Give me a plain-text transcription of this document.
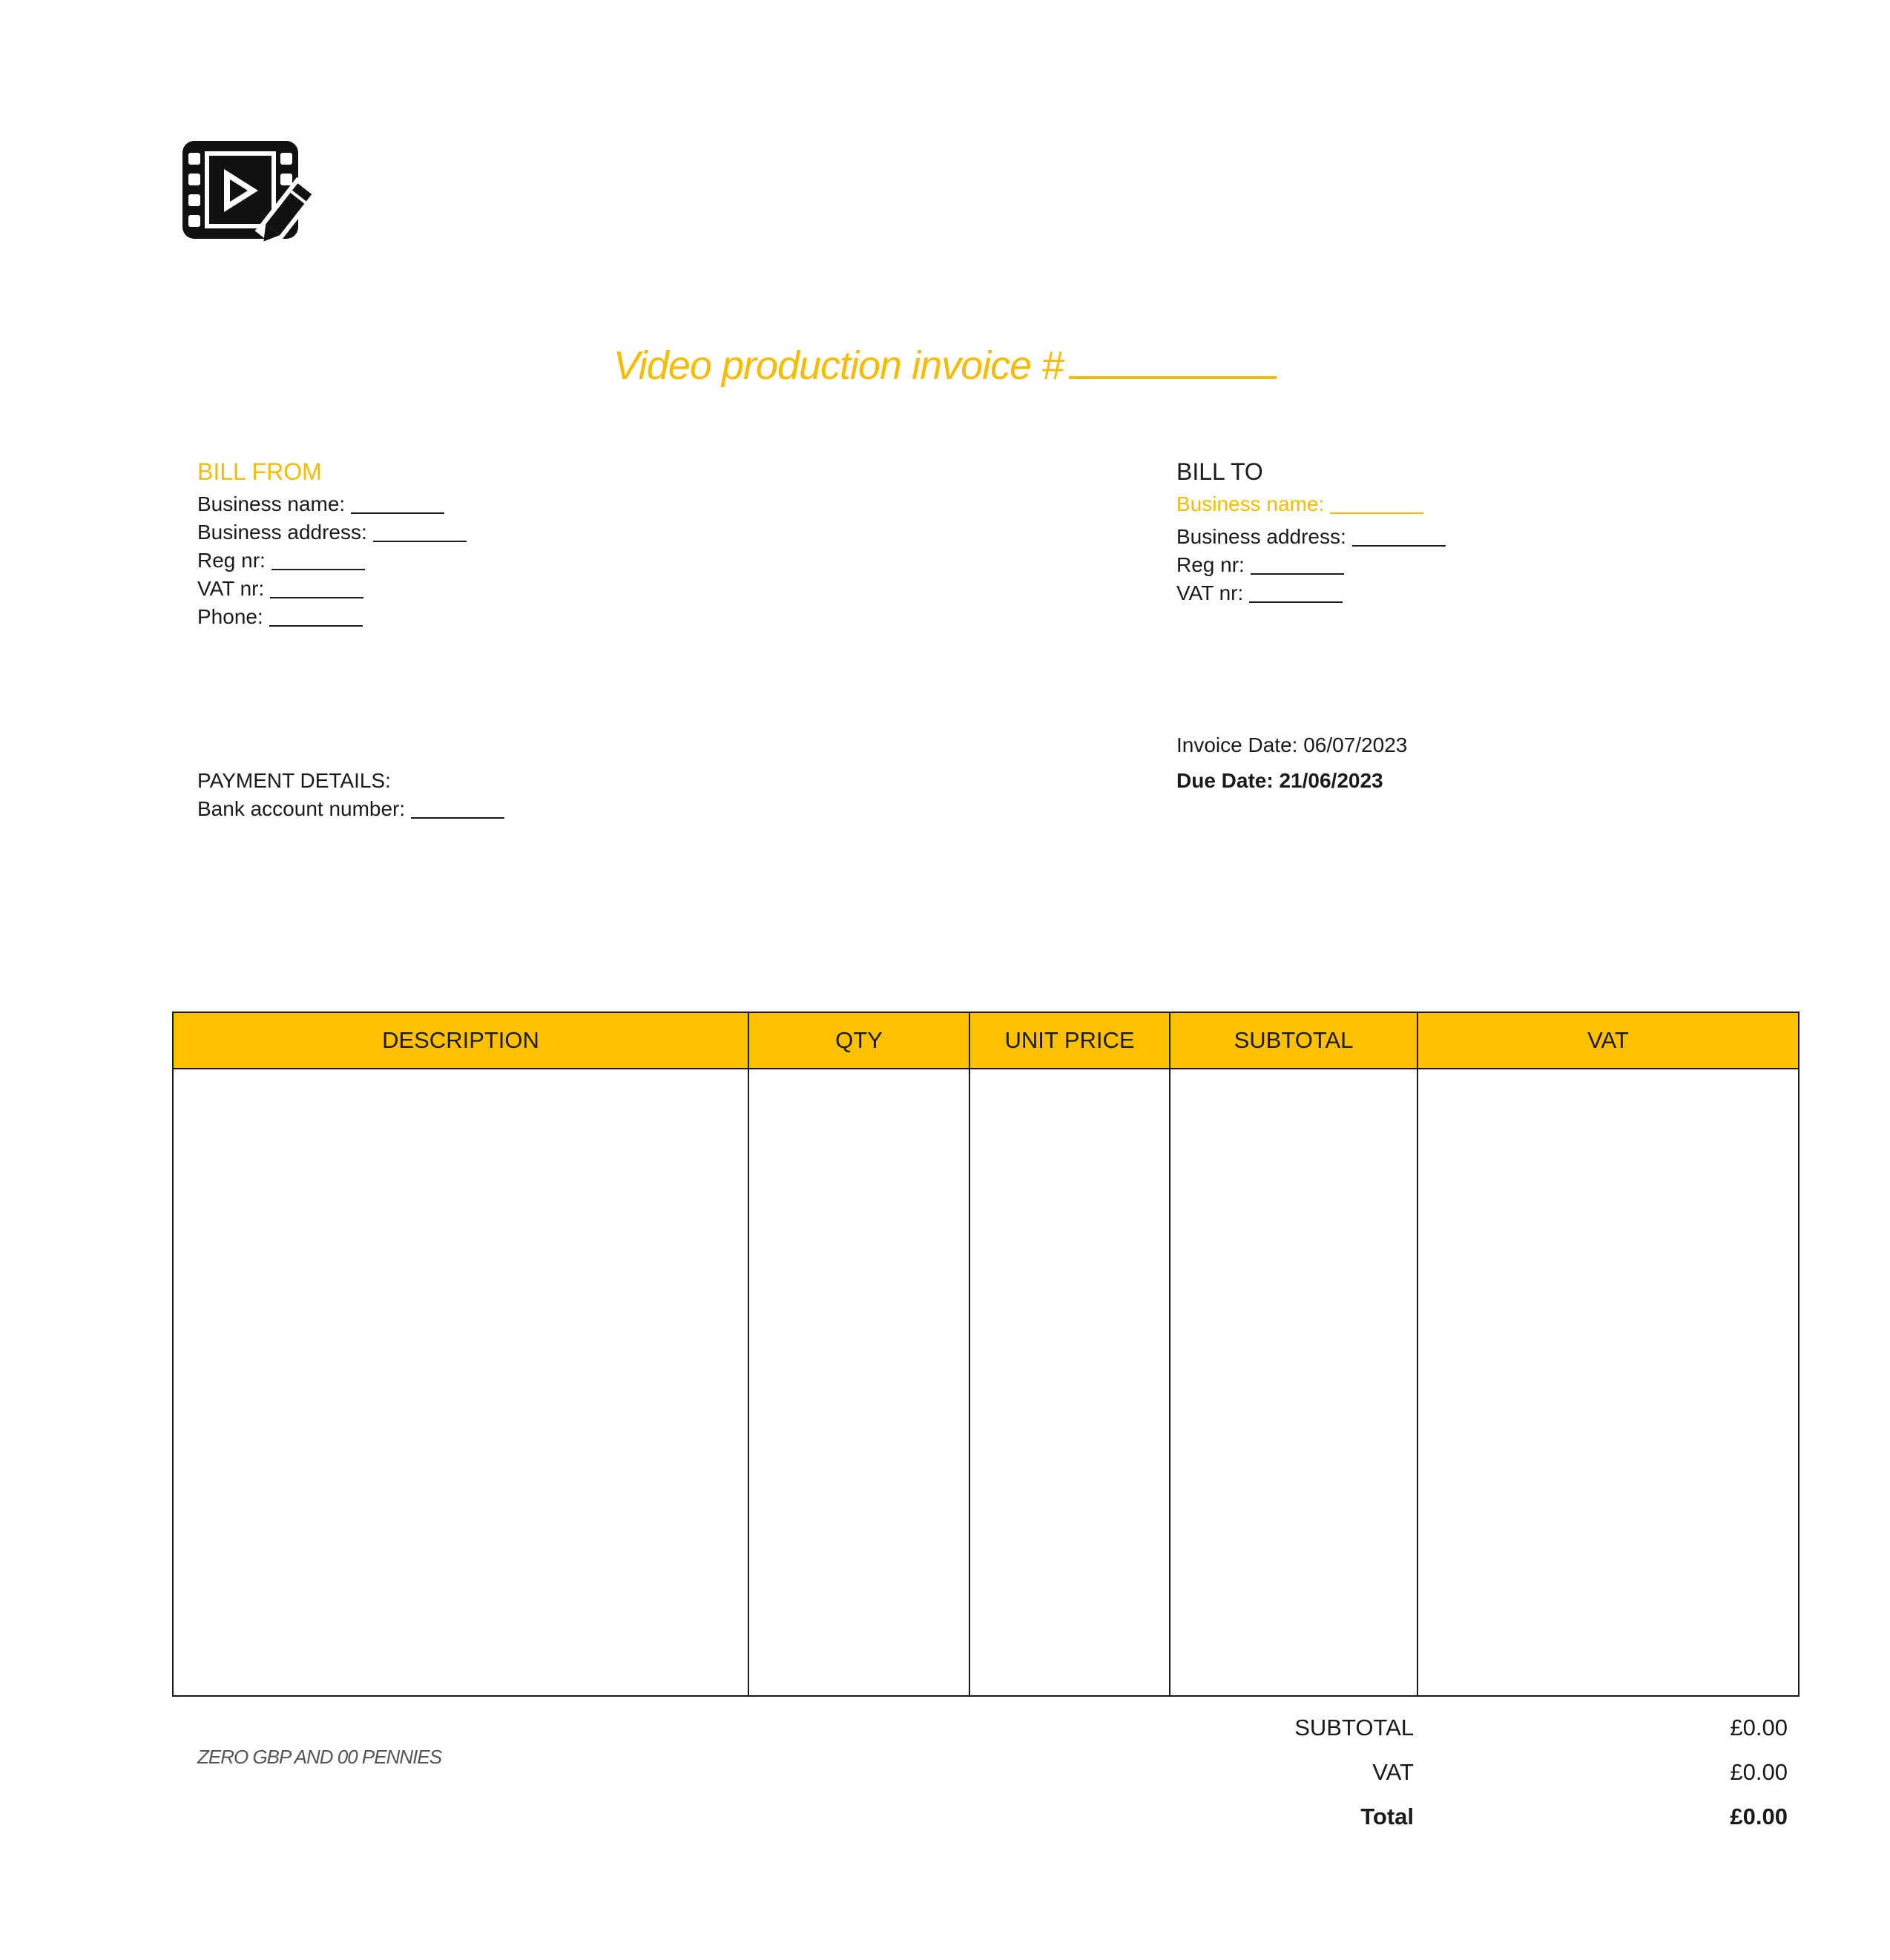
Video production invoice #
BILL FROM
Business name:
Business address:
Reg nr:
VAT nr:
Phone:
BILL TO
Business name:
Business address:
Reg nr:
VAT nr:
PAYMENT DETAILS:
Bank account number:
Invoice Date: 06/07/2023
Due Date: 21/06/2023
DESCRIPTION	QTY	UNIT PRICE	SUBTOTAL	VAT

ZERO GBP AND 00 PENNIES
SUBTOTAL	£0.00
VAT	£0.00
Total	£0.00
